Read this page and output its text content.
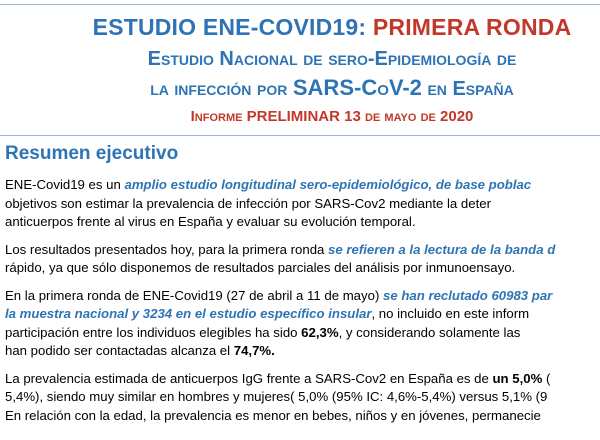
ESTUDIO ENE-COVID19: PRIMERA RONDA
Estudio Nacional de sero-Epidemiología de
la infección por SARS-CoV-2 en España
Informe PRELIMINAR 13 de mayo de 2020
Resumen ejecutivo

ENE-Covid19 es un amplio estudio longitudinal sero-epidemiológico, de base poblac
objetivos son estimar la prevalencia de infección por SARS-Cov2 mediante la deter
anticuerpos frente al virus en España y evaluar su evolución temporal.

Los resultados presentados hoy, para la primera ronda se refieren a la lectura de la banda d
rápido, ya que sólo disponemos de resultados parciales del análisis por inmunoensayo.

En la primera ronda de ENE-Covid19 (27 de abril a 11 de mayo) se han reclutado 60983 par
la muestra nacional y 3234 en el estudio específico insular, no incluido en este inform
participación entre los individuos elegibles ha sido 62,3%, y considerando solamente las
han podido ser contactadas alcanza el 74,7%.

La prevalencia estimada de anticuerpos IgG frente a SARS-Cov2 en España es de un 5,0% (
5,4%), siendo muy similar en hombres y mujeres( 5,0% (95% IC: 4,6%-5,4%) versus 5,1% (9
En relación con la edad, la prevalencia es menor en bebes, niños y en jóvenes, permanecie
